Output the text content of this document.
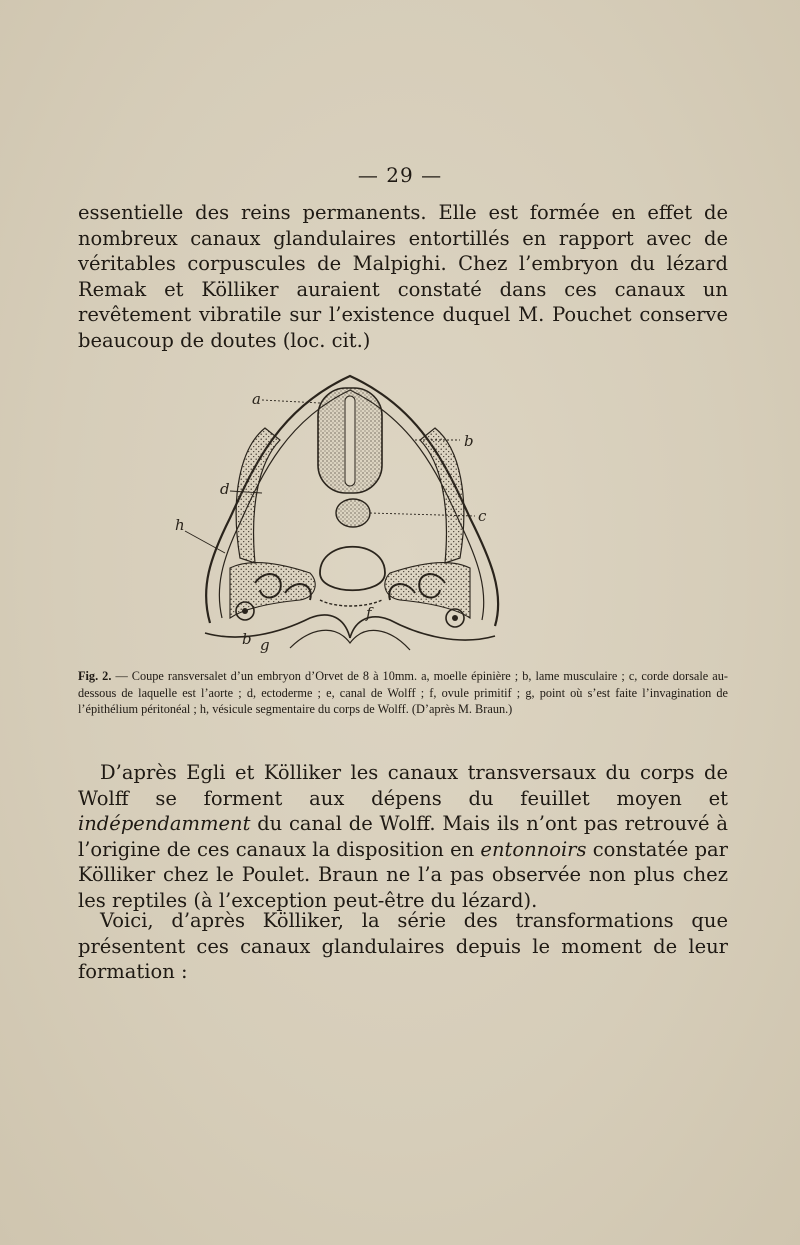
— 29 —

essentielle des reins permanents. Elle est formée en effet de nombreux canaux glandulaires entortillés en rapport avec de véritables corpuscules de Malpighi. Chez l’embryon du lézard Remak et Kölliker auraient constaté dans ces canaux un revêtement vibratile sur l’existence duquel M. Pouchet conserve beaucoup de doutes (loc. cit.)

a
b
c
d
h
b g
f
Fig. 2. — Coupe ransversalet d’un embryon d’Orvet de 8 à 10mm. a, moelle épinière ; b, lame musculaire ; c, corde dorsale au-dessous de laquelle est l’aorte ; d, ectoderme ; e, canal de Wolff ; f, ovule primitif ; g, point où s’est faite l’invagination de l’épithélium péritonéal ; h, vésicule segmentaire du corps de Wolff. (D’après M. Braun.)

D’après Egli et Kölliker les canaux transversaux du corps de Wolff se forment aux dépens du feuillet moyen et indépendamment du canal de Wolff. Mais ils n’ont pas retrouvé à l’origine de ces canaux la disposition en entonnoirs constatée par Kölliker chez le Poulet. Braun ne l’a pas observée non plus chez les reptiles (à l’exception peut-être du lézard).

Voici, d’après Kölliker, la série des transformations que présentent ces canaux glandulaires depuis le moment de leur formation :
